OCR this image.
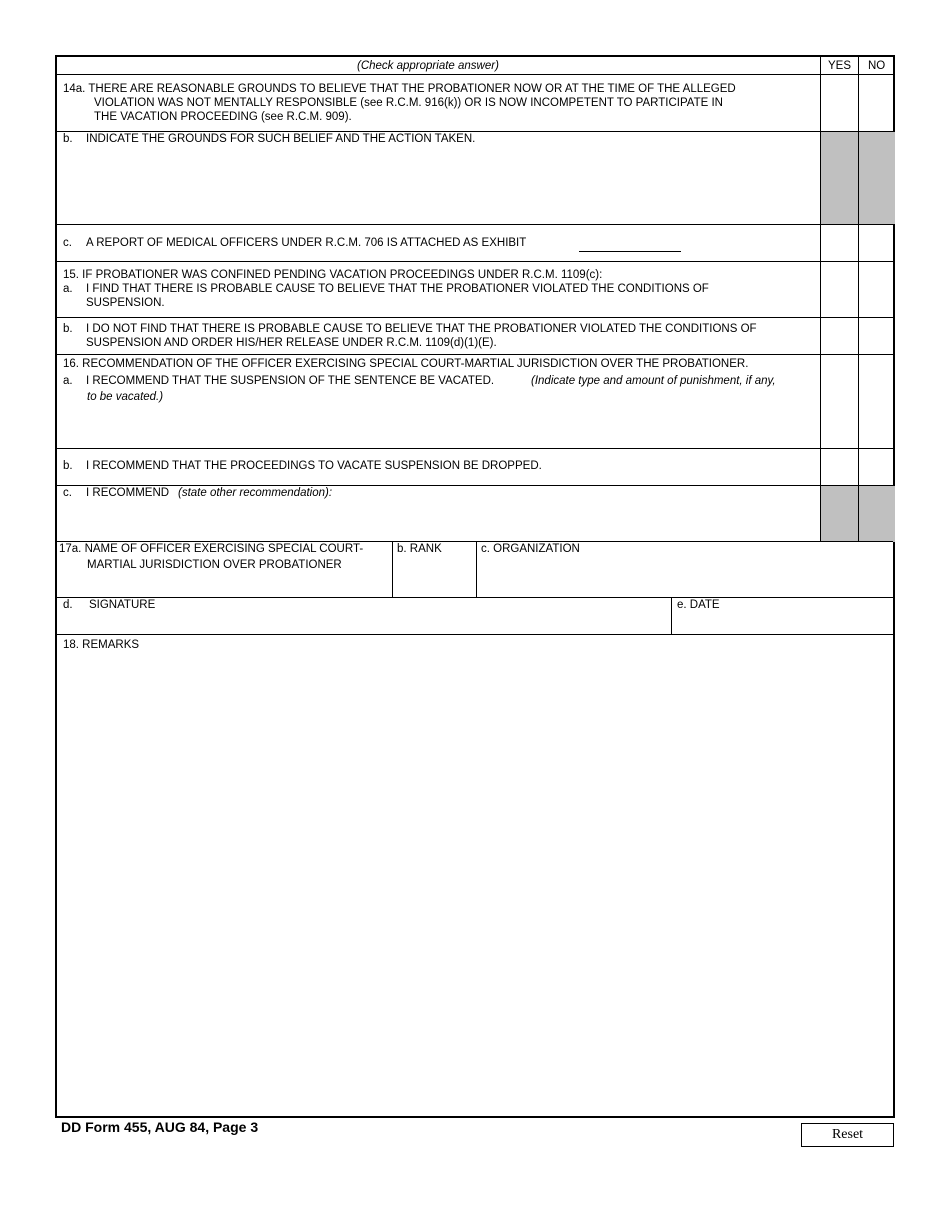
(Check appropriate answer)	YES NO
14a. THERE ARE REASONABLE GROUNDS TO BELIEVE THAT THE PROBATIONER NOW OR AT THE TIME OF THE ALLEGED
VIOLATION WAS NOT MENTALLY RESPONSIBLE (see R.C.M. 916(k)) OR IS NOW INCOMPETENT TO PARTICIPATE IN
THE VACATION PROCEEDING (see R.C.M. 909).
b. INDICATE THE GROUNDS FOR SUCH BELIEF AND THE ACTION TAKEN.
c. A REPORT OF MEDICAL OFFICERS UNDER R.C.M. 706 IS ATTACHED AS EXHIBIT
15. IF PROBATIONER WAS CONFINED PENDING VACATION PROCEEDINGS UNDER R.C.M. 1109(c):
a. I FIND THAT THERE IS PROBABLE CAUSE TO BELIEVE THAT THE PROBATIONER VIOLATED THE CONDITIONS OF
SUSPENSION.
b. I DO NOT FIND THAT THERE IS PROBABLE CAUSE TO BELIEVE THAT THE PROBATIONER VIOLATED THE CONDITIONS OF
SUSPENSION AND ORDER HIS/HER RELEASE UNDER R.C.M. 1109(d)(1)(E).
16. RECOMMENDATION OF THE OFFICER EXERCISING SPECIAL COURT-MARTIAL JURISDICTION OVER THE PROBATIONER.
a. I RECOMMEND THAT THE SUSPENSION OF THE SENTENCE BE VACATED.	(Indicate type and amount of punishment, if any,
to be vacated.)
b. I RECOMMEND THAT THE PROCEEDINGS TO VACATE SUSPENSION BE DROPPED.
c. I RECOMMEND (state other recommendation):
17a. NAME OF OFFICER EXERCISING SPECIAL COURT-
MARTIAL JURISDICTION OVER PROBATIONER
b. RANK	c. ORGANIZATION
d. SIGNATURE	e. DATE
18. REMARKS
DD Form 455, AUG 84, Page 3	Reset
